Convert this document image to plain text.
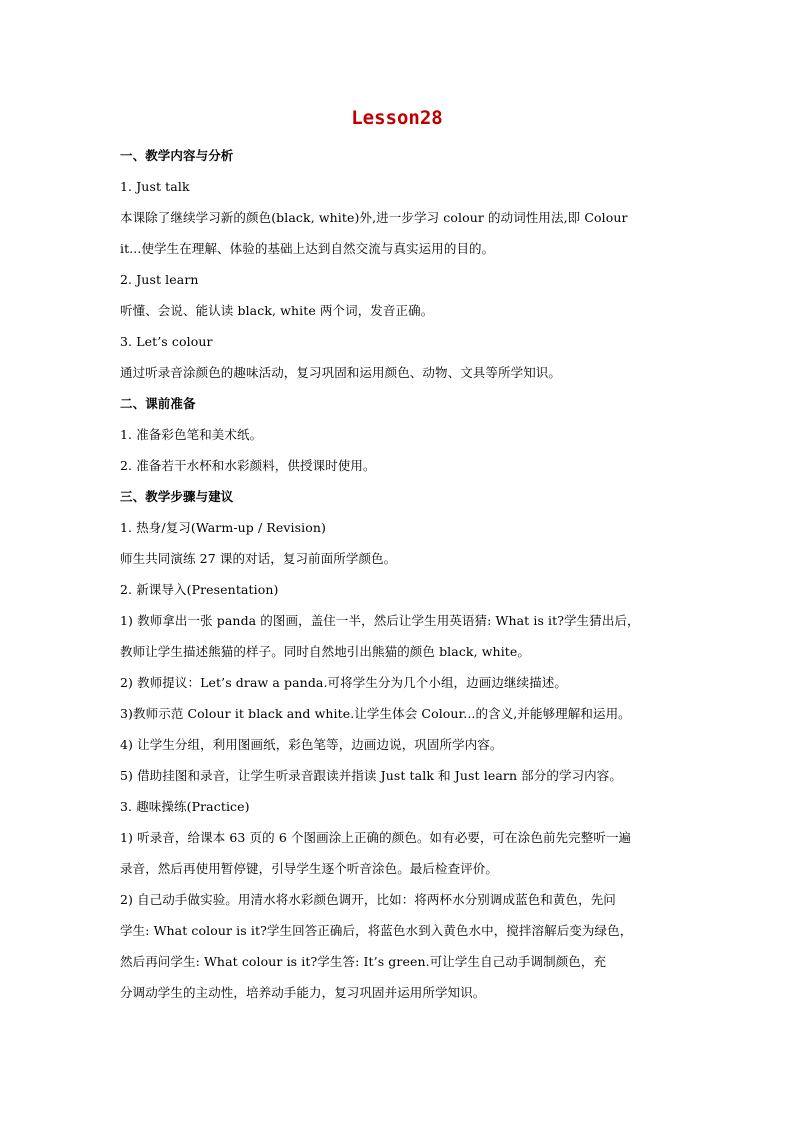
Lesson28
一、教学内容与分析
1. Just talk
本课除了继续学习新的颜色(black, white)外,进一步学习 colour 的动词性用法,即 Colour
it...使学生在理解、体验的基础上达到自然交流与真实运用的目的。
2. Just learn
听懂、会说、能认读 black, white 两个词，发音正确。
3. Let’s colour
通过听录音涂颜色的趣味活动，复习巩固和运用颜色、动物、文具等所学知识。
二、课前准备
1. 准备彩色笔和美术纸。
2. 准备若干水杯和水彩颜料，供授课时使用。
三、教学步骤与建议
1. 热身/复习(Warm-up / Revision)
师生共同演练 27 课的对话，复习前面所学颜色。
2. 新课导入(Presentation)
1) 教师拿出一张 panda 的图画，盖住一半，然后让学生用英语猜: What is it?学生猜出后，
教师让学生描述熊猫的样子。同时自然地引出熊猫的颜色 black, white。
2) 教师提议：Let’s draw a panda.可将学生分为几个小组，边画边继续描述。
3)教师示范 Colour it black and white.让学生体会 Colour...的含义,并能够理解和运用。
4) 让学生分组，利用图画纸，彩色笔等，边画边说，巩固所学内容。
5) 借助挂图和录音，让学生听录音跟读并指读 Just talk 和 Just learn 部分的学习内容。
3. 趣味操练(Practice)
1) 听录音，给课本 63 页的 6 个图画涂上正确的颜色。如有必要，可在涂色前先完整听一遍
录音，然后再使用暂停键，引导学生逐个听音涂色。最后检查评价。
2) 自己动手做实验。用清水将水彩颜色调开，比如：将两杯水分别调成蓝色和黄色，先问
学生: What colour is it?学生回答正确后，将蓝色水到入黄色水中，搅拌溶解后变为绿色，
然后再问学生: What colour is it?学生答: It’s green.可让学生自己动手调制颜色，充
分调动学生的主动性，培养动手能力，复习巩固并运用所学知识。
